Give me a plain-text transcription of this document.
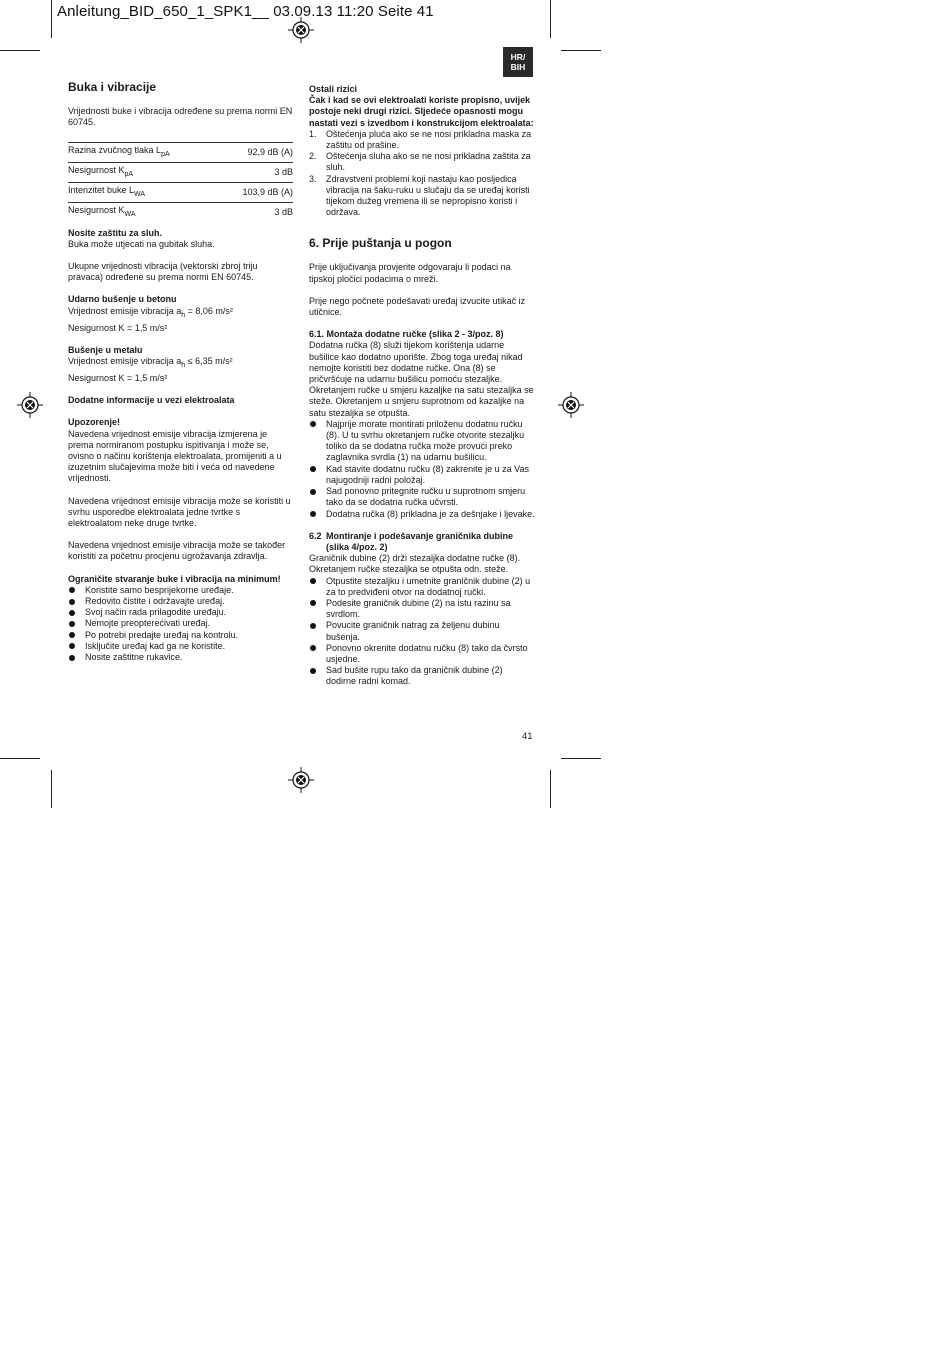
Anleitung_BID_650_1_SPK1__ 03.09.13 11:20 Seite 41
HR/
BIH
Buka i vibracije

Vrijednosti buke i vibracija određene su prema normi EN 60745.

Razina zvučnog tlaka $L_{pA}$	92,9 dB (A)
Nesigurnost $K_{pA}$	3 dB
Intenzitet buke $L_{WA}$	103,9 dB (A)
Nesigurnost $K_{WA}$	3 dB

Nosite zaštitu za sluh.

Buka može utjecati na gubitak sluha.

Ukupne vrijednosti vibracija (vektorski zbroj triju pravaca) određene su prema normi EN 60745.

Udarno bušenje u betonu

Vrijednost emisije vibracija $a_h = 8,06$ m/s²

Nesigurnost K = 1,5 m/s²

Bušenje u metalu

Vrijednost emisije vibracija $a_h \le 6,35$ m/s²

Nesigurnost K = 1,5 m/s²

Dodatne informacije u vezi elektroalata

Upozorenje!

Navedena vrijednost emisije vibracija izmjerena je prema normiranom postupku ispitivanja i može se, ovisno o načinu korištenja elektroalata, promijeniti a u izuzetnim slučajevima može biti i veća od navedene vrijednosti.

Navedena vrijednost emisije vibracija može se koristiti u svrhu usporedbe elektroalata jedne tvrtke s elektroalatom neke druge tvrtke.

Navedena vrijednost emisije vibracija može se također koristiti za početnu procjenu ugrožavanja zdravlja.

Ograničite stvaranje buke i vibracija na minimum!

Koristite samo besprijekorne uređaje.
Redovito čistite i održavajte uređaj.
Svoj način rada prilagodite uređaju.
Nemojte preopterećivati uređaj.
Po potrebi predajte uređaj na kontrolu.
Isključite uređaj kad ga ne koristite.
Nosite zaštitne rukavice.

Ostali rizici

Čak i kad se ovi elektroalati koriste propisno, uvijek postoje neki drugi rizici. Sljedeće opasnosti mogu nastati vezi s izvedbom i konstrukcijom elektroalata:

1. Oštećenja pluća ako se ne nosi prikladna maska za zaštitu od prašine.
2. Oštećenja sluha ako se ne nosi prikladna zaštita za sluh.
3. Zdravstveni problemi koji nastaju kao posljedica vibracija na šaku-ruku u slučaju da se uređaj koristi tijekom dužeg vremena ili se nepropisno koristi i održava.
6. Prije puštanja u pogon

Prije uključivanja provjerite odgovaraju li podaci na tipskoj pločici podacima o mreži.

Prije nego počnete podešavati uređaj izvucite utikač iz utičnice.

6.1. Montaža dodatne ručke (slika 2 - 3/poz. 8)

Dodatna ručka (8) služi tijekom korištenja udarne bušilice kao dodatno uporište. Zbog toga uređaj nikad nemojte koristiti bez dodatne ručke. Ona (8) se pričvršćuje na udarnu bušilicu pomoću stezaljke. Okretanjem ručke u smjeru kazaljke na satu stezaljka se steže. Okretanjem u smjeru suprotnom od kazaljke na satu stezaljka se otpušta.

Najprije morate montirati priloženu dodatnu ručku (8). U tu svrhu okretanjem ručke otvorite stezaljku toliko da se dodatna ručka može provući preko zaglavnika svrdla (1) na udarnu bušilicu.
Kad stavite dodatnu ručku (8) zakrenite je u za Vas najugodniji radni položaj.
Sad ponovno pritegnite ručku u suprotnom smjeru tako da se dodatna ručka učvrsti.
Dodatna ručka (8) prikladna je za dešnjake i ljevake.
6.2 Montiranje i podešavanje graničnika dubine (slika 4/poz. 2)

Graničnik dubine (2) drži stezaljka dodatne ručke (8). Okretanjem ručke stezaljka se otpušta odn. steže.

Otpustite stezaljku i umetnite graničnik dubine (2) u za to predviđeni otvor na dodatnoj ručki.
Podesite graničnik dubine (2) na istu razinu sa svrdlom.
Povucite graničnik natrag za željenu dubinu bušenja.
Ponovno okrenite dodatnu ručku (8) tako da čvrsto usjedne.
Sad bušite rupu tako da graničnik dubine (2) dodirne radni komad.
41
